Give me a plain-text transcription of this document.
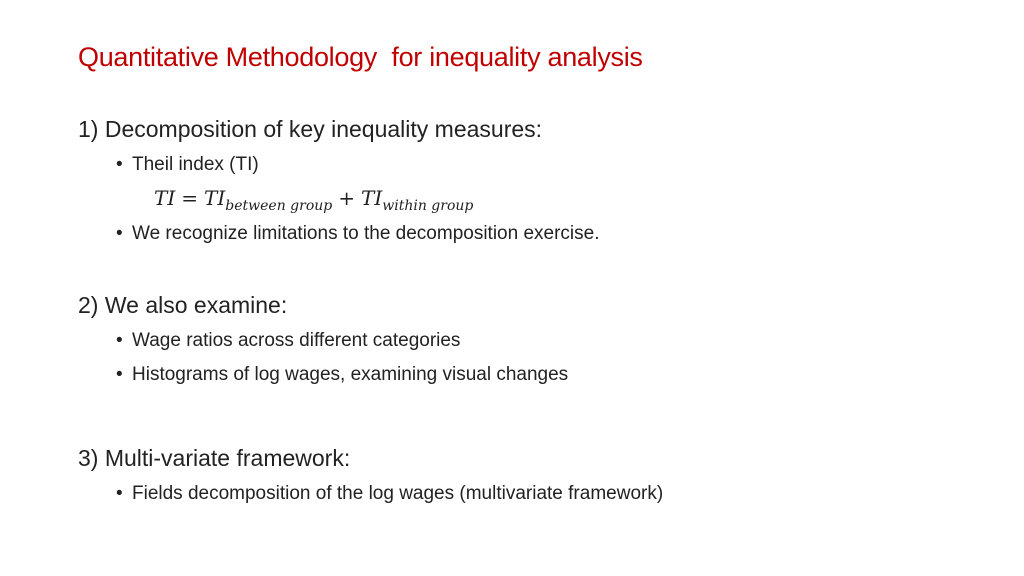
Quantitative Methodology  for inequality analysis
1) Decomposition of key inequality measures:
• Theil index (TI)
TI = $TI_{between group} + TI_{within group}$
• We recognize limitations to the decomposition exercise.
2) We also examine:
• Wage ratios across different categories
• Histograms of log wages, examining visual changes
3) Multi-variate framework:
• Fields decomposition of the log wages (multivariate framework)
